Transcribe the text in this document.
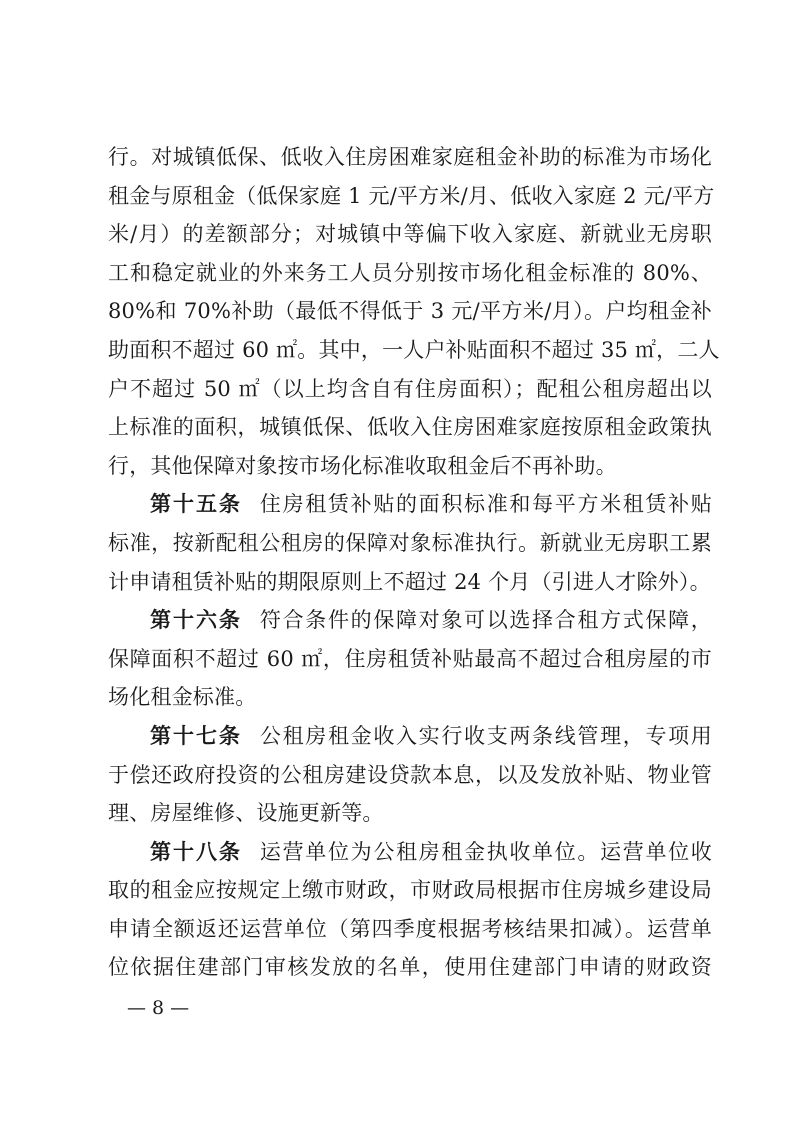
行。对城镇低保、低收入住房困难家庭租金补助的标准为市场化
租金与原租金（低保家庭 1 元/平方米/月、低收入家庭 2 元/平方
米/月）的差额部分；对城镇中等偏下收入家庭、新就业无房职
工和稳定就业的外来务工人员分别按市场化租金标准的 80%、
80%和 70%补助（最低不得低于 3 元/平方米/月）。户均租金补
助面积不超过 60 ㎡。其中，一人户补贴面积不超过 35 ㎡，二人
户不超过 50 ㎡（以上均含自有住房面积）；配租公租房超出以
上标准的面积，城镇低保、低收入住房困难家庭按原租金政策执
行，其他保障对象按市场化标准收取租金后不再补助。
第十五条 住房租赁补贴的面积标准和每平方米租赁补贴
标准，按新配租公租房的保障对象标准执行。新就业无房职工累
计申请租赁补贴的期限原则上不超过 24 个月（引进人才除外）。
第十六条 符合条件的保障对象可以选择合租方式保障，
保障面积不超过 60 ㎡，住房租赁补贴最高不超过合租房屋的市
场化租金标准。
第十七条 公租房租金收入实行收支两条线管理，专项用
于偿还政府投资的公租房建设贷款本息，以及发放补贴、物业管
理、房屋维修、设施更新等。
第十八条 运营单位为公租房租金执收单位。运营单位收
取的租金应按规定上缴市财政，市财政局根据市住房城乡建设局
申请全额返还运营单位（第四季度根据考核结果扣减）。运营单
位依据住建部门审核发放的名单，使用住建部门申请的财政资
— 8 —
